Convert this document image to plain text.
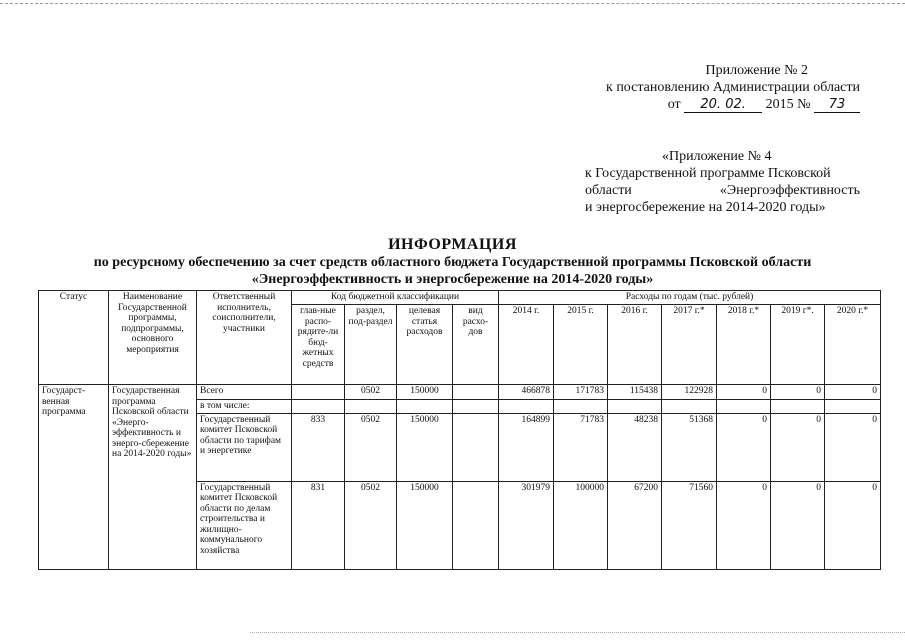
Приложение № 2
к постановлению Администрации области
от 20. 02. 2015 № 73
«Приложение № 4
к Государственной программе Псковской
области	«Энергоэффективность
и энергосбережение на 2014-2020 годы»
ИНФОРМАЦИЯ
по ресурсному обеспечению за счет средств областного бюджета Государственной программы Псковской области
«Энергоэффективность и энергосбережение на 2014-2020 годы»
Статус	Наименование Государственной программы, подпрограммы, основного мероприятия	Ответственный исполнитель, соисполнители, участники	Код бюджетной классификации				Расходы по годам (тыс. рублей)						
			глав-ные распо-рядите-ли бюд-жетных средств	раздел, под-раздел	целевая статья расходов	вид расхо-дов	2014 г.	2015 г.	2016 г.	2017 г.*	2018 г.*	2019 г*.	2020 г.*
Государст-венная программа	Государственная программа Псковской области «Энерго-эффективность и энерго-сбережение на 2014-2020 годы»	Всего		0502	150000		466878	171783	115438	122928	0	0	0
		в том числе:											
		Государственный комитет Псковской области по тарифам и энергетике	833	0502	150000		164899	71783	48238	51368	0	0	0
		Государственный комитет Псковской области по делам строительства и жилищно-коммунального хозяйства	831	0502	150000		301979	100000	67200	71560	0	0	0
